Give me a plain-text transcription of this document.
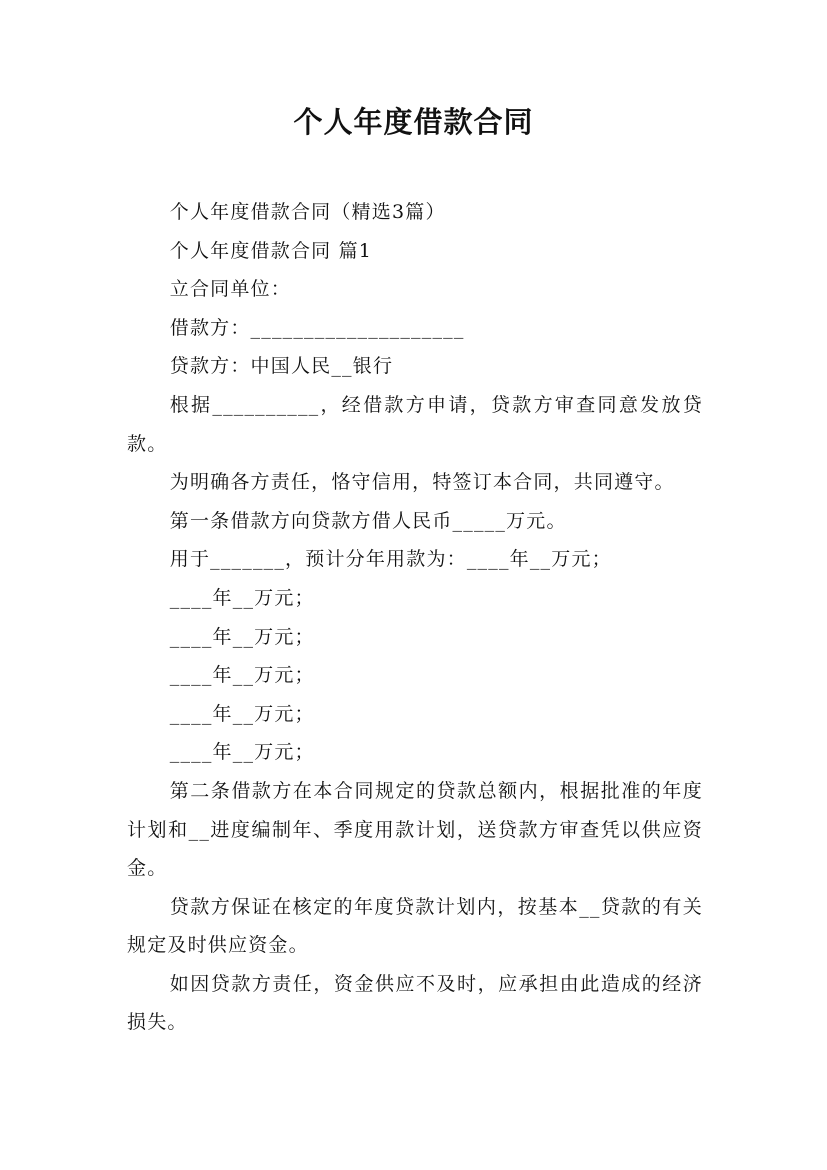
个人年度借款合同

个人年度借款合同（精选3篇）

个人年度借款合同 篇1

立合同单位：

借款方：____________________

贷款方：中国人民__银行

根据__________，经借款方申请，贷款方审查同意发放贷款。

为明确各方责任，恪守信用，特签订本合同，共同遵守。

第一条借款方向贷款方借人民币_____万元。

用于_______，预计分年用款为：____年__万元；

____年__万元；

____年__万元；

____年__万元；

____年__万元；

____年__万元；

第二条借款方在本合同规定的贷款总额内，根据批准的年度计划和__进度编制年、季度用款计划，送贷款方审查凭以供应资金。

贷款方保证在核定的年度贷款计划内，按基本__贷款的有关规定及时供应资金。

如因贷款方责任，资金供应不及时，应承担由此造成的经济损失。
